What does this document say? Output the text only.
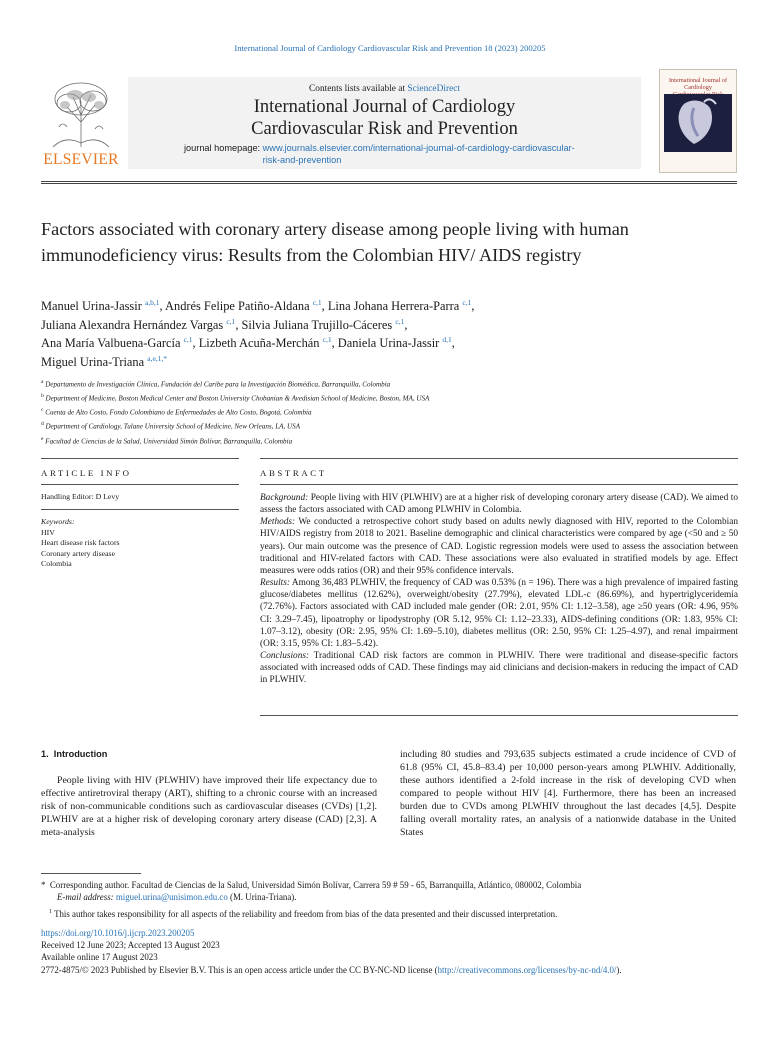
International Journal of Cardiology Cardiovascular Risk and Prevention 18 (2023) 200205
ELSEVIER
Contents lists available at ScienceDirect
International Journal of Cardiology
Cardiovascular Risk and Prevention
journal homepage: www.journals.elsevier.com/international-journal-of-cardiology-cardiovascular-risk-and-prevention
International Journal of
Cardiology
Factors associated with coronary artery disease among people living with human immunodeficiency virus: Results from the Colombian HIV/ AIDS registry
Manuel Urina-Jassir $^{a,b,1}$, Andrés Felipe Patiño-Aldana $^{c,1}$, Lina Johana Herrera-Parra $^{c,1}$,
Juliana Alexandra Hernández Vargas $^{c,1}$, Silvia Juliana Trujillo-Cáceres $^{c,1}$,
Ana María Valbuena-García $^{c,1}$, Lizbeth Acuña-Merchán $^{c,1}$, Daniela Urina-Jassir $^{d,1}$,
Miguel Urina-Triana $^{a,e,1,*}$
$^a$ Departamento de Investigación Clínica, Fundación del Caribe para la Investigación Biomédica, Barranquilla, Colombia
$^b$ Department of Medicine, Boston Medical Center and Boston University Chobanian & Avedisian School of Medicine, Boston, MA, USA
$^c$ Cuenta de Alto Costo, Fondo Colombiano de Enfermedades de Alto Costo, Bogotá, Colombia
$^d$ Department of Cardiology, Tulane University School of Medicine, New Orleans, LA, USA
$^e$ Facultad de Ciencias de la Salud, Universidad Simón Bolívar, Barranquilla, Colombia
ARTICLE INFO	ABSTRACT
Handling Editor: D Levy
Keywords:
HIV
Heart disease risk factors
Coronary artery disease
Colombia

Background: People living with HIV (PLWHIV) are at a higher risk of developing coronary artery disease (CAD). We aimed to assess the factors associated with CAD among PLWHIV in Colombia.

Methods: We conducted a retrospective cohort study based on adults newly diagnosed with HIV, reported to the Colombian HIV/AIDS registry from 2018 to 2021. Baseline demographic and clinical characteristics were compared by age (<50 and ≥ 50 years). Our main outcome was the presence of CAD. Logistic regression models were used to assess the association between traditional and HIV-related factors with CAD. These associations were also evaluated in stratified models by age. Effect measures were odds ratios (OR) and their 95% confidence intervals.

Results: Among 36,483 PLWHIV, the frequency of CAD was 0.53% (n = 196). There was a high prevalence of impaired fasting glucose/diabetes mellitus (12.62%), overweight/obesity (27.79%), elevated LDL-c (86.69%), and hypertriglyceridemia (72.76%). Factors associated with CAD included male gender (OR: 2.01, 95% CI: 1.12–3.58), age ≥50 years (OR: 4.96, 95% CI: 3.29–7.45), lipoatrophy or lipodystrophy (OR 5.12, 95% CI: 1.12–23.33), AIDS-defining conditions (OR: 1.83, 95% CI: 1.07–3.12), obesity (OR: 2.95, 95% CI: 1.69–5.10), diabetes mellitus (OR: 2.50, 95% CI: 1.25–4.97), and renal impairment (OR: 3.15, 95% CI: 1.83–5.42).

Conclusions: Traditional CAD risk factors are common in PLWHIV. There were traditional and disease-specific factors associated with increased odds of CAD. These findings may aid clinicians and decision-makers in reducing the impact of CAD in PLWHIV.

1. Introduction

People living with HIV (PLWHIV) have improved their life expectancy due to effective antiretroviral therapy (ART), shifting to a chronic course with an increased risk of non-communicable conditions such as cardiovascular diseases (CVDs) [1,2]. PLWHIV are at a higher risk of developing coronary artery disease (CAD) [2,3]. A meta-analysis

including 80 studies and 793,635 subjects estimated a crude incidence of CVD of 61.8 (95% CI, 45.8–83.4) per 10,000 person-years among PLWHIV. Additionally, these authors identified a 2-fold increase in the risk of developing CVD when compared to people without HIV [4]. Furthermore, there has been an increased burden due to CVDs among PLWHIV throughout the last decades [4,5]. Despite falling overall mortality rates, an analysis of a nationwide database in the United States

* Corresponding author. Facultad de Ciencias de la Salud, Universidad Simón Bolívar, Carrera 59 # 59 - 65, Barranquilla, Atlántico, 080002, Colombia
E-mail address: miguel.urina@unisimon.edu.co (M. Urina-Triana).
$^1$ This author takes responsibility for all aspects of the reliability and freedom from bias of the data presented and their discussed interpretation.
https://doi.org/10.1016/j.ijcrp.2023.200205
Received 12 June 2023; Accepted 13 August 2023
Available online 17 August 2023
2772-4875/© 2023 Published by Elsevier B.V. This is an open access article under the CC BY-NC-ND license (http://creativecommons.org/licenses/by-nc-nd/4.0/).
